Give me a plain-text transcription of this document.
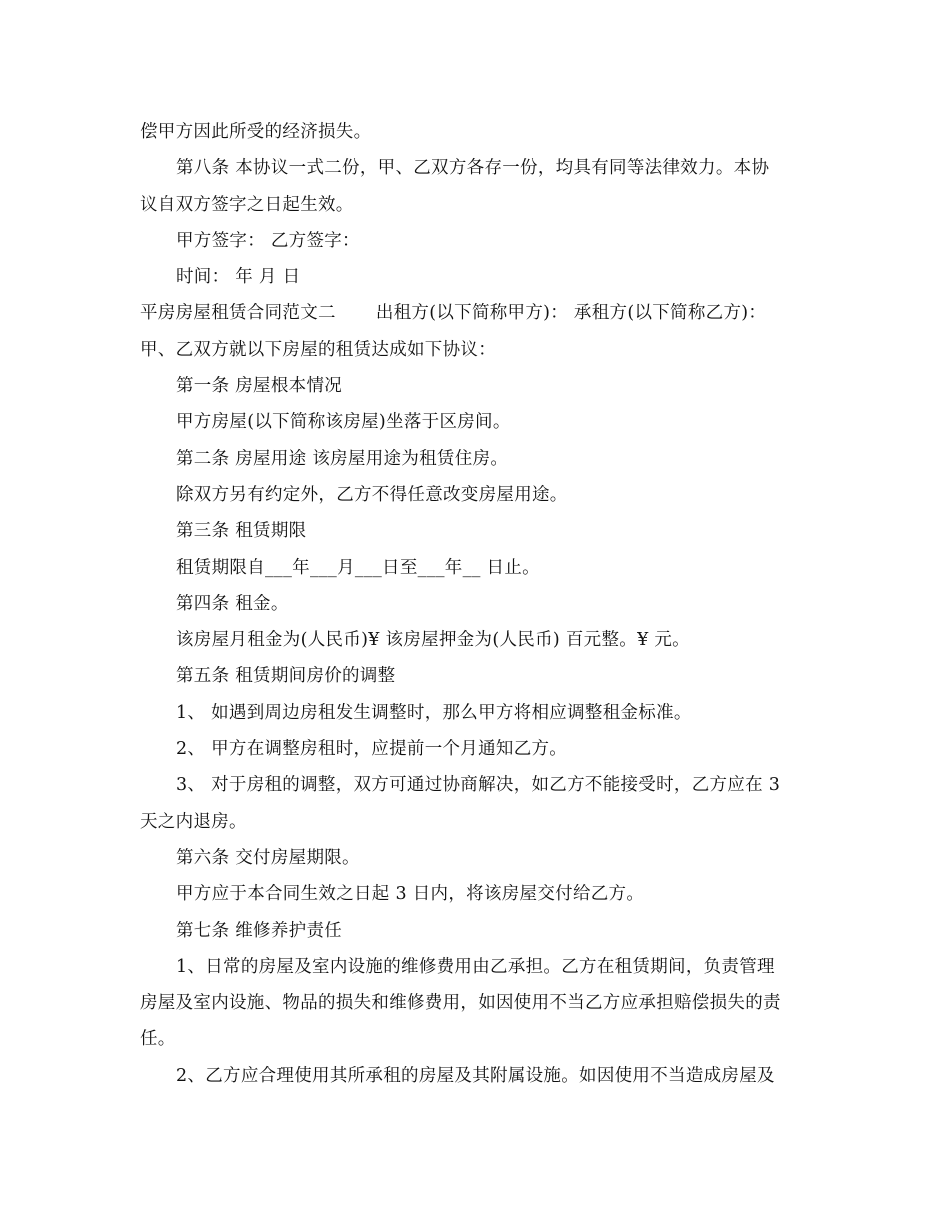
偿甲方因此所受的经济损失。
第八条 本协议一式二份，甲、乙双方各存一份，均具有同等法律效力。本协
议自双方签字之日起生效。
甲方签字： 乙方签字：
时间： 年 月 日
平房房屋租赁合同范文二 出租方(以下简称甲方)： 承租方(以下简称乙方)：
甲、乙双方就以下房屋的租赁达成如下协议：
第一条 房屋根本情况
甲方房屋(以下简称该房屋)坐落于区房间。
第二条 房屋用途 该房屋用途为租赁住房。
除双方另有约定外，乙方不得任意改变房屋用途。
第三条 租赁期限
租赁期限自___年___月___日至___年__ 日止。
第四条 租金。
该房屋月租金为(人民币)¥ 该房屋押金为(人民币) 百元整。¥ 元。
第五条 租赁期间房价的调整
1、 如遇到周边房租发生调整时，那么甲方将相应调整租金标准。
2、 甲方在调整房租时，应提前一个月通知乙方。
3、 对于房租的调整，双方可通过协商解决，如乙方不能接受时，乙方应在 3
天之内退房。
第六条 交付房屋期限。
甲方应于本合同生效之日起 3 日内，将该房屋交付给乙方。
第七条 维修养护责任
1、日常的房屋及室内设施的维修费用由乙承担。乙方在租赁期间，负责管理
房屋及室内设施、物品的损失和维修费用，如因使用不当乙方应承担赔偿损失的责
任。
2、乙方应合理使用其所承租的房屋及其附属设施。如因使用不当造成房屋及
